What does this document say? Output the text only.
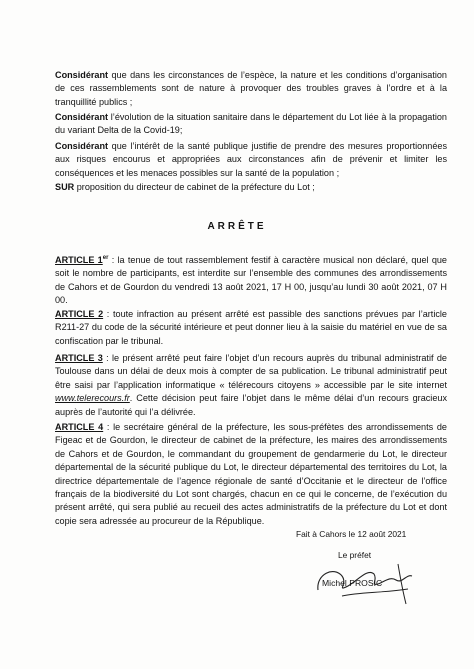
Considérant que dans les circonstances de l’espèce, la nature et les conditions d’organisation de ces rassemblements sont de nature à provoquer des troubles graves à l’ordre et à la tranquillité publics ;

Considérant l’évolution de la situation sanitaire dans le département du Lot liée à la propagation du variant Delta de la Covid-19;

Considérant que l’intérêt de la santé publique justifie de prendre des mesures proportionnées aux risques encourus et appropriées aux circonstances afin de prévenir et limiter les conséquences et les menaces possibles sur la santé de la population ;

SUR proposition du directeur de cabinet de la préfecture du Lot ;

ARRÊTE

ARTICLE 1er : la tenue de tout rassemblement festif à caractère musical non déclaré, quel que soit le nombre de participants, est interdite sur l’ensemble des communes des arrondissements de Cahors et de Gourdon du vendredi 13 août 2021, 17 H 00, jusqu’au lundi 30 août 2021, 07 H 00.

ARTICLE 2 : toute infraction au présent arrêté est passible des sanctions prévues par l’article R211-27 du code de la sécurité intérieure et peut donner lieu à la saisie du matériel en vue de sa confiscation par le tribunal.

ARTICLE 3 : le présent arrêté peut faire l’objet d’un recours auprès du tribunal administratif de Toulouse dans un délai de deux mois à compter de sa publication. Le tribunal administratif peut être saisi par l’application informatique « télérecours citoyens » accessible par le site internet www.telerecours.fr. Cette décision peut faire l’objet dans le même délai d’un recours gracieux auprès de l’autorité qui l’a délivrée.

ARTICLE 4 : le secrétaire général de la préfecture, les sous-préfètes des arrondissements de Figeac et de Gourdon, le directeur de cabinet de la préfecture, les maires des arrondissements de Cahors et de Gourdon, le commandant du groupement de gendarmerie du Lot, le directeur départemental de la sécurité publique du Lot, le directeur départemental des territoires du Lot, la directrice départementale de l’agence régionale de santé d’Occitanie et le directeur de l’office français de la biodiversité du Lot sont chargés, chacun en ce qui le concerne, de l’exécution du présent arrêté, qui sera publié au recueil des actes administratifs de la préfecture du Lot et dont copie sera adressée au procureur de la République.

Fait à Cahors le 12 août 2021

Le préfet

Michel PROSIC
